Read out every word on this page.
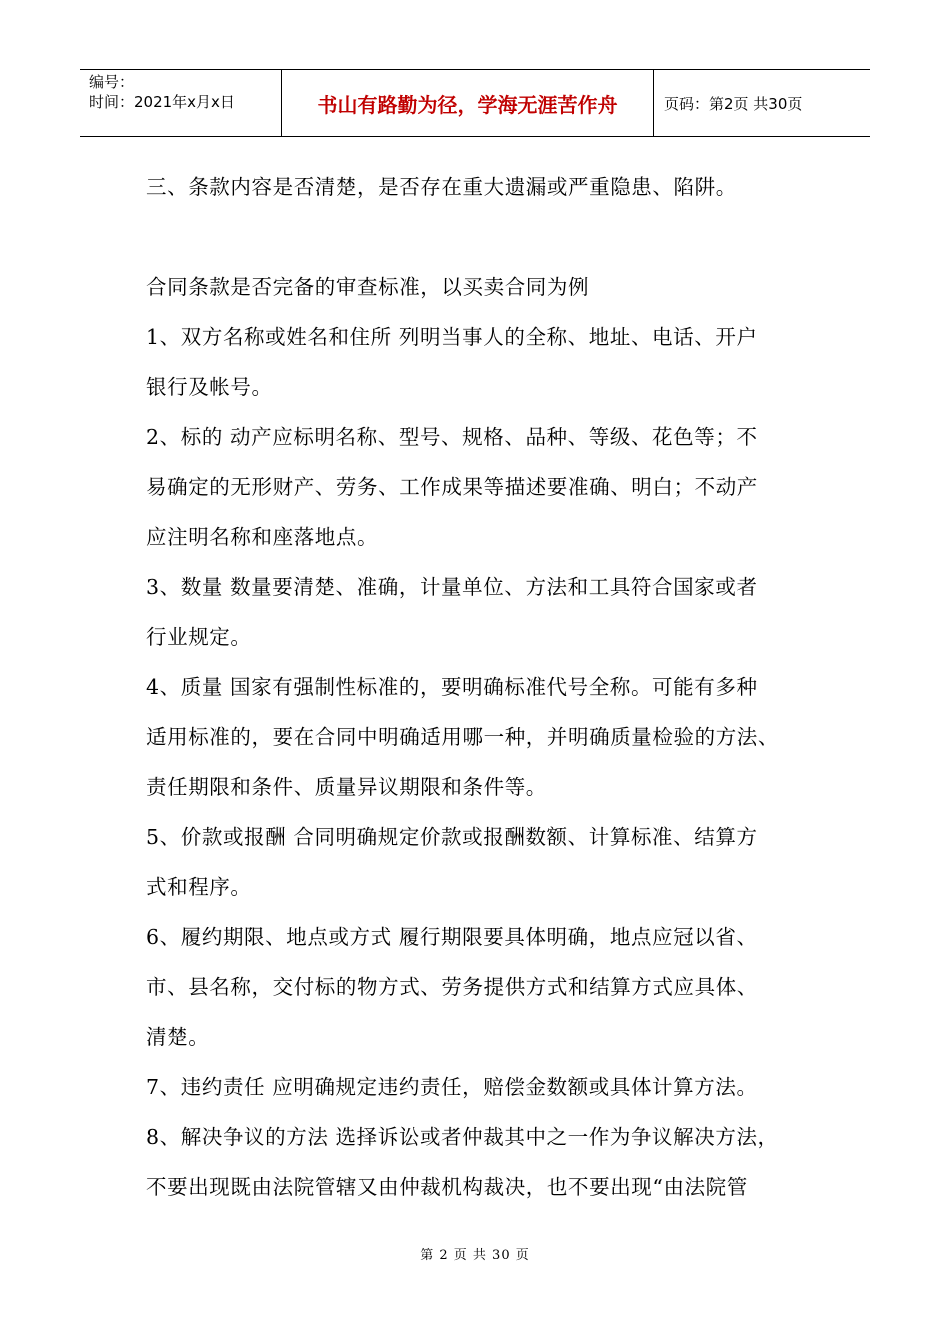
编号：
时间：2021年x月x日	书山有路勤为径，学海无涯苦作舟	页码：第2页 共30页

三、条款内容是否清楚，是否存在重大遗漏或严重隐患、陷阱。

合同条款是否完备的审查标准，以买卖合同为例

1、双方名称或姓名和住所 列明当事人的全称、地址、电话、开户

银行及帐号。

2、标的 动产应标明名称、型号、规格、品种、等级、花色等；不

易确定的无形财产、劳务、工作成果等描述要准确、明白；不动产

应注明名称和座落地点。

3、数量 数量要清楚、准确，计量单位、方法和工具符合国家或者

行业规定。

4、质量 国家有强制性标准的，要明确标准代号全称。可能有多种

适用标准的，要在合同中明确适用哪一种，并明确质量检验的方法、

责任期限和条件、质量异议期限和条件等。

5、价款或报酬 合同明确规定价款或报酬数额、计算标准、结算方

式和程序。

6、履约期限、地点或方式 履行期限要具体明确，地点应冠以省、

市、县名称，交付标的物方式、劳务提供方式和结算方式应具体、

清楚。

7、违约责任 应明确规定违约责任，赔偿金数额或具体计算方法。

8、解决争议的方法 选择诉讼或者仲裁其中之一作为争议解决方法，

不要出现既由法院管辖又由仲裁机构裁决，也不要出现“由法院管

第 2 页 共 30 页
